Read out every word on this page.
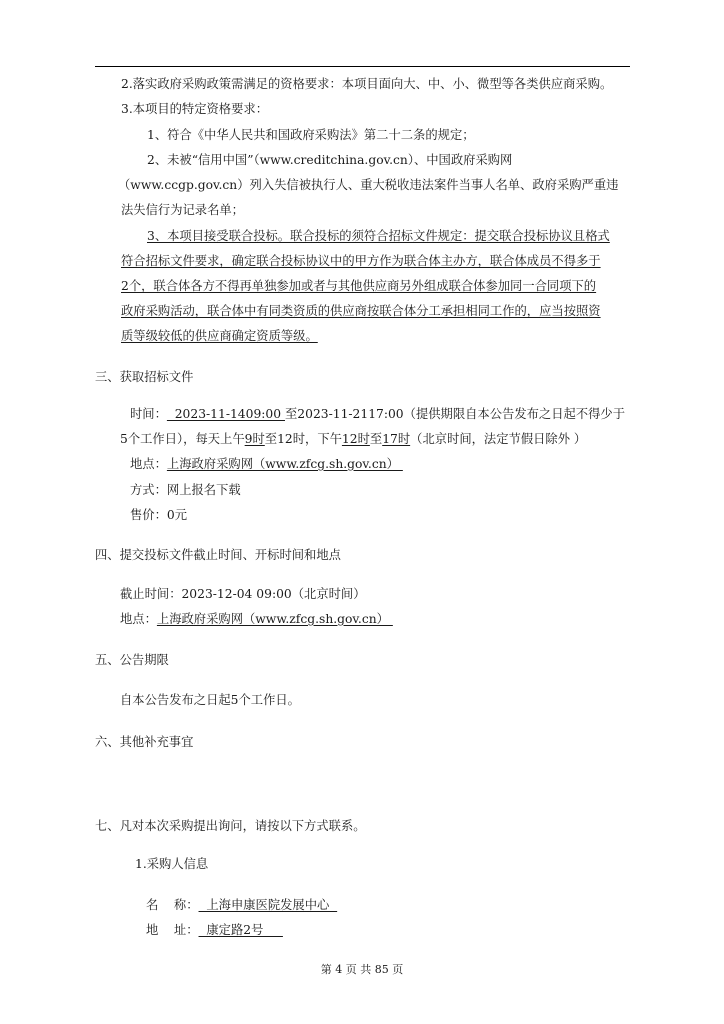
2.落实政府采购政策需满足的资格要求：本项目面向大、中、小、微型等各类供应商采购。
3.本项目的特定资格要求：
1、符合《中华人民共和国政府采购法》第二十二条的规定；
2、未被“信用中国”（www.creditchina.gov.cn）、中国政府采购网
（www.ccgp.gov.cn）列入失信被执行人、重大税收违法案件当事人名单、政府采购严重违
法失信行为记录名单；
3、本项目接受联合投标。联合投标的须符合招标文件规定：提交联合投标协议且格式
符合招标文件要求，确定联合投标协议中的甲方作为联合体主办方，联合体成员不得多于
2个，联合体各方不得再单独参加或者与其他供应商另外组成联合体参加同一合同项下的
政府采购活动，联合体中有同类资质的供应商按联合体分工承担相同工作的，应当按照资
质等级较低的供应商确定资质等级。
三、获取招标文件
时间：  2023-11-1409:00 至2023-11-2117:00（提供期限自本公告发布之日起不得少于
5个工作日），每天上午9时至12时，下午12时至17时（北京时间，法定节假日除外 ）
地点：上海政府采购网（www.zfcg.sh.gov.cn）
方式：网上报名下载
售价：0元
四、提交投标文件截止时间、开标时间和地点
截止时间：2023-12-04 09:00（北京时间）
地点：上海政府采购网（www.zfcg.sh.gov.cn）
五、公告期限
自本公告发布之日起5个工作日。
六、其他补充事宜
七、凡对本次采购提出询问，请按以下方式联系。
1.采购人信息
名    称：  上海申康医院发展中心
地    址：  康定路2号
第 4 页 共 85 页
